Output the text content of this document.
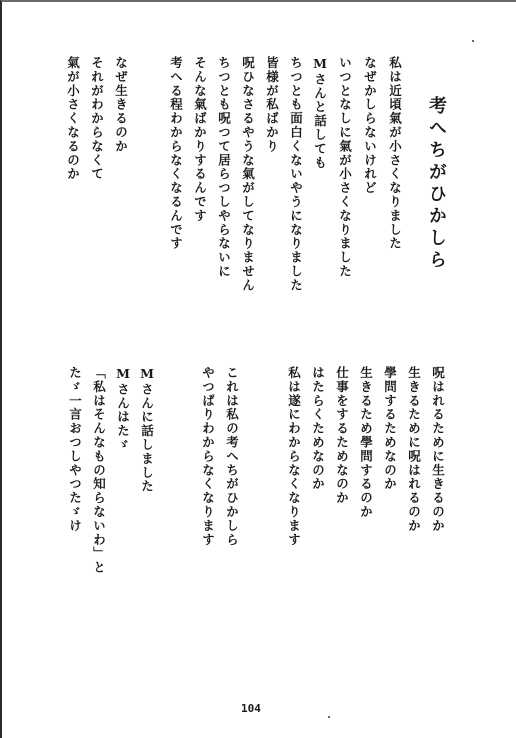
考へちがひかしら
私は近頃氣が小さくなりました
なぜかしらないけれど
いつとなしに氣が小さくなりました
Mさんと話しても
ちつとも面白くないやうになりました
皆様が私ばかり
呪ひなさるやうな氣がしてなりません
ちつとも呪つて居らつしやらないに
そんな氣ばかりするんです
考へる程わからなくなるんです
なぜ生きるのか
それがわからなくて
氣が小さくなるのか
呪はれるために生きるのか
生きるために呪はれるのか
學問するためなのか
生きるため學問するのか
仕事をするためなのか
はたらくためなのか
私は遂にわからなくなります
これは私の考へちがひかしら
やつぱりわからなくなります
Mさんに話しました
Mさんはたゞ
「私はそんなもの知らないわ」と
たゞ一言おつしやつたゞけ
104
